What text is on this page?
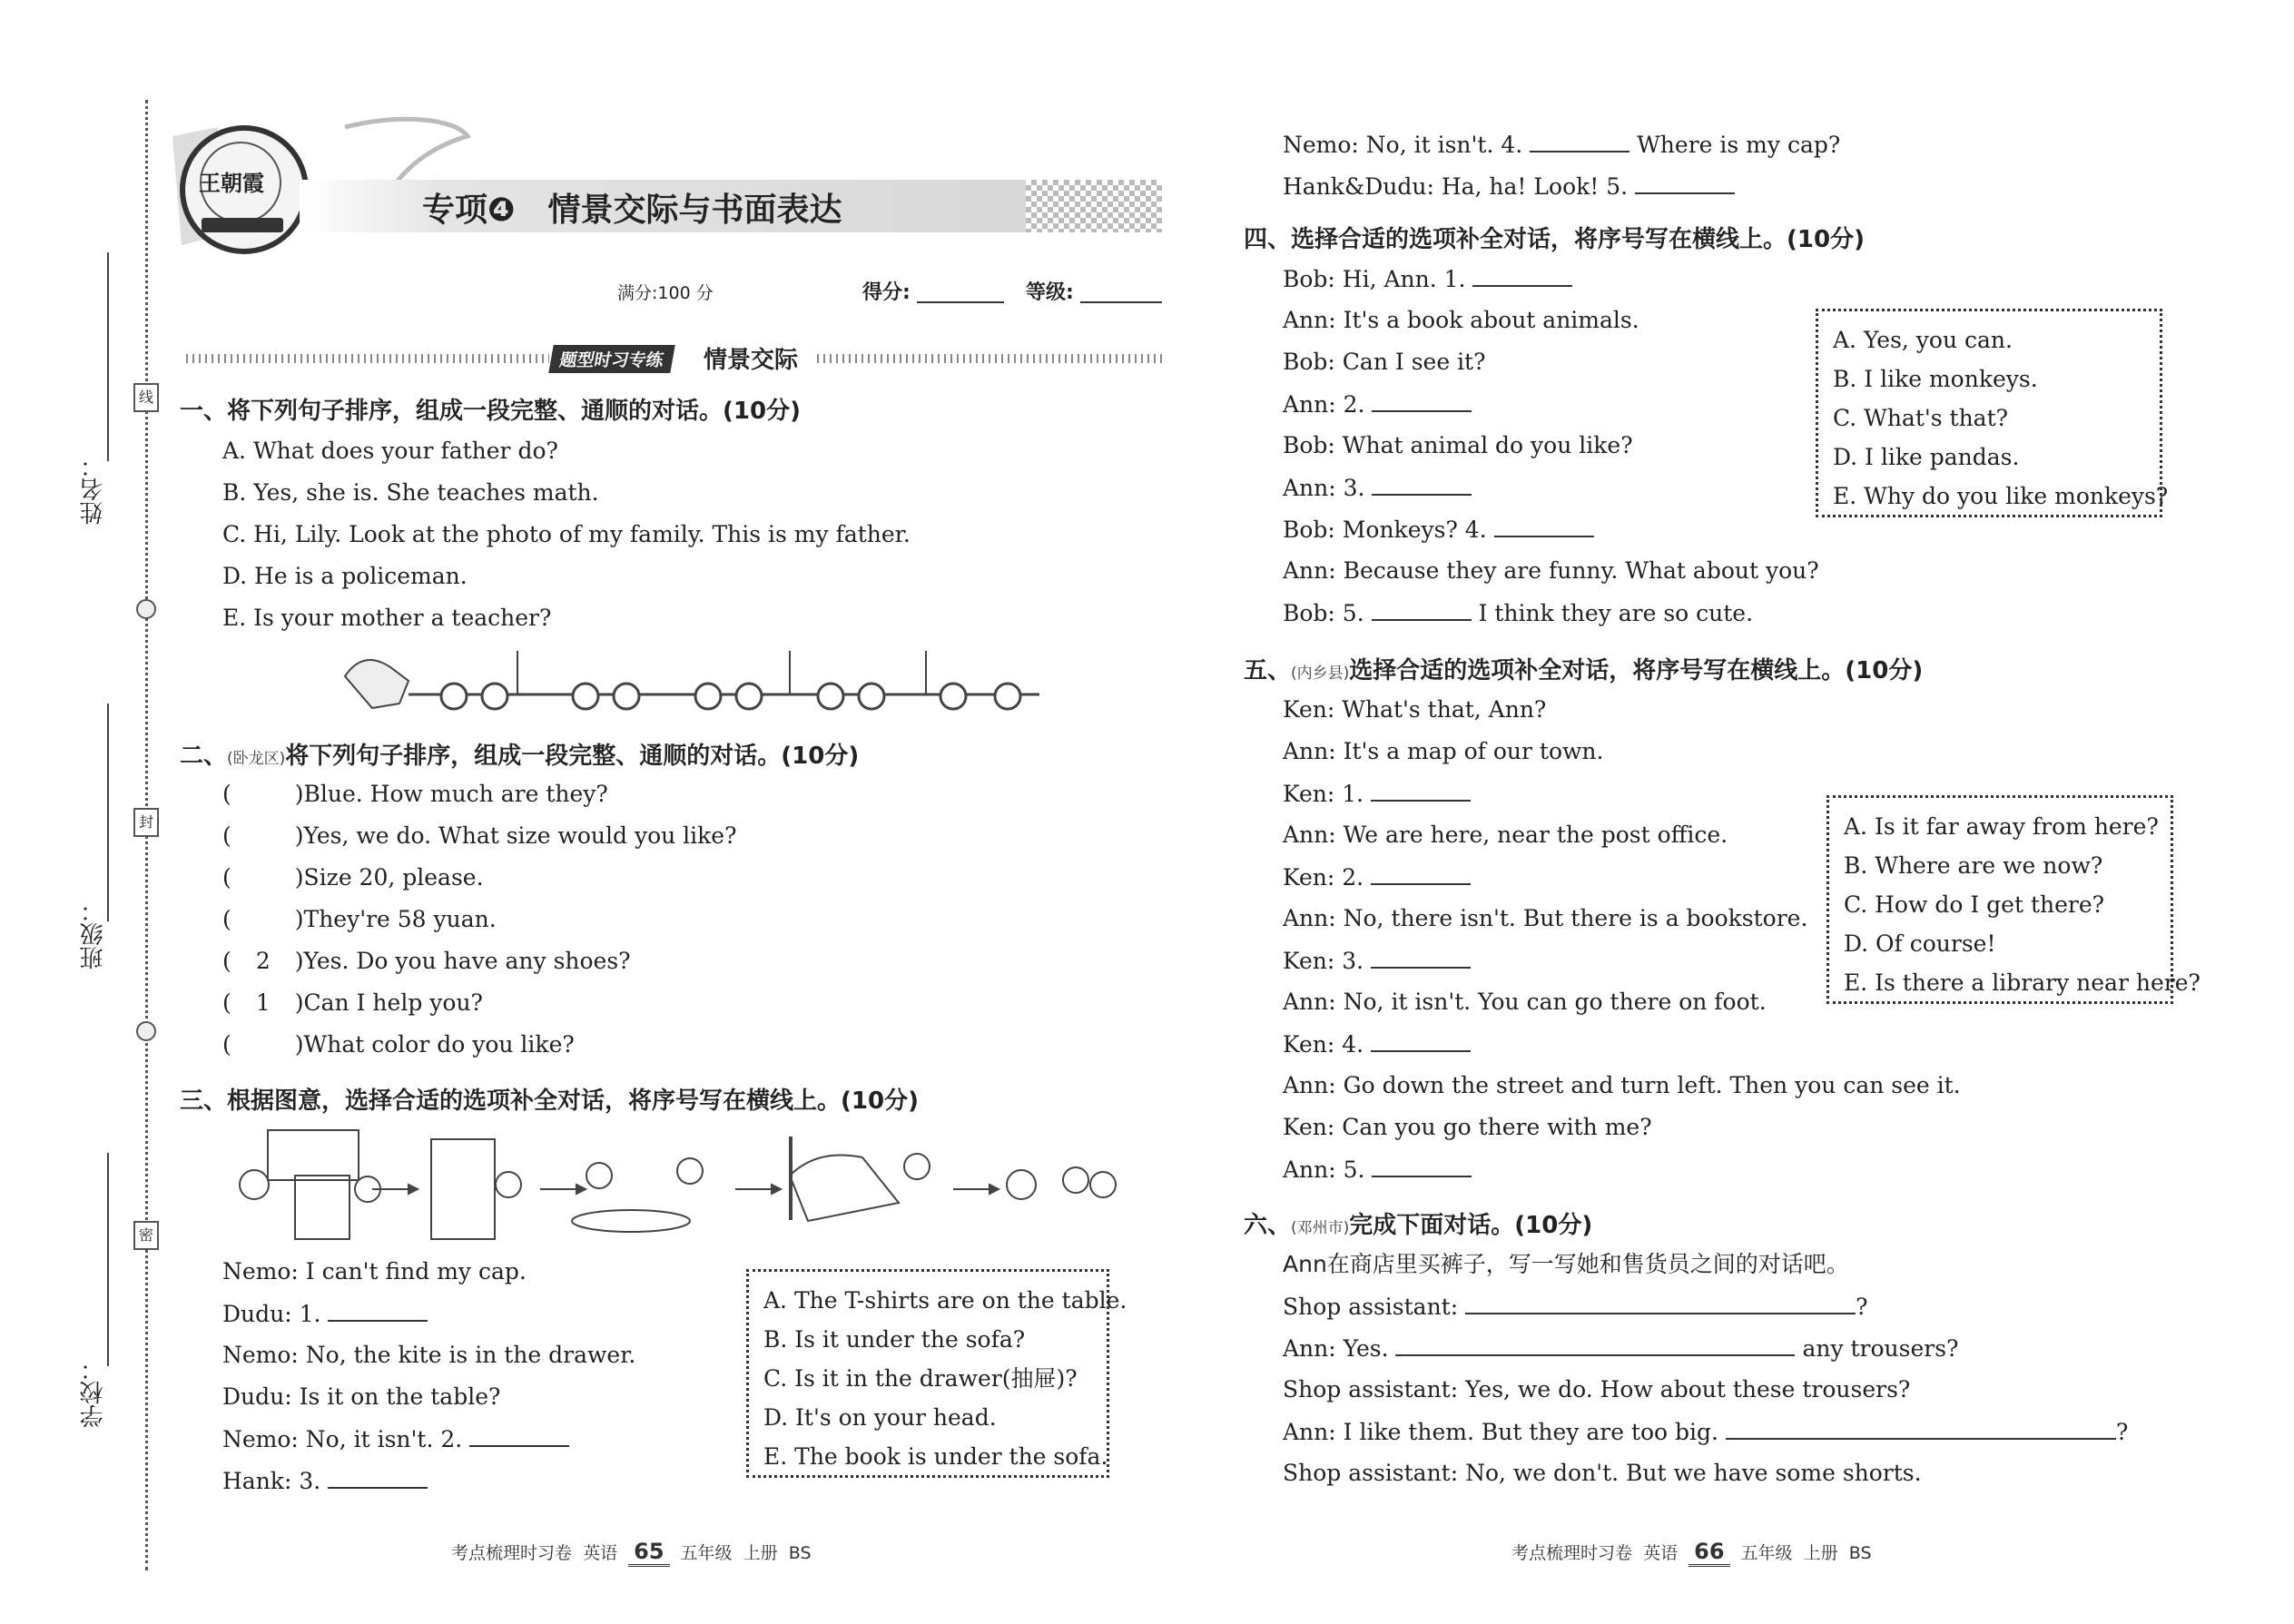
姓名：
班级：
学校：
线
封
密
王朝霞
专项❹　情景交际与书面表达
满分:100 分	得分:	等级:
题型时习专练	情景交际
一、将下列句子排序，组成一段完整、通顺的对话。(10分)
A. What does your father do?
B. Yes, she is. She teaches math.
C. Hi, Lily. Look at the photo of my family. This is my father.
D. He is a policeman.
E. Is your mother a teacher?
二、(卧龙区)将下列句子排序，组成一段完整、通顺的对话。(10分)
(	)Blue. How much are they?
(	)Yes, we do. What size would you like?
(	)Size 20, please.
(	)They're 58 yuan.
( 2 )Yes. Do you have any shoes?
( 1 )Can I help you?
(	)What color do you like?
三、根据图意，选择合适的选项补全对话，将序号写在横线上。(10分)
Nemo: I can't find my cap.
Dudu: 1.
Nemo: No, the kite is in the drawer.
Dudu: Is it on the table?
Nemo: No, it isn't. 2.
Hank: 3.
A. The T-shirts are on the table.
B. Is it under the sofa?
C. Is it in the drawer(抽屉)?
D. It's on your head.
E. The book is under the sofa.
考点梳理时习卷 英语 65 五年级 上册 BS	考点梳理时习卷 英语 66 五年级 上册 BS
Nemo: No, it isn't. 4.	Where is my cap?
Hank&Dudu: Ha, ha! Look! 5.
四、选择合适的选项补全对话，将序号写在横线上。(10分)
Bob: Hi, Ann. 1.
Ann: It's a book about animals.
Bob: Can I see it?
Ann: 2.
Bob: What animal do you like?
Ann: 3.
Bob: Monkeys? 4.
Ann: Because they are funny. What about you?
Bob: 5.	I think they are so cute.
A. Yes, you can.
B. I like monkeys.
C. What's that?
D. I like pandas.
E. Why do you like monkeys?
五、(内乡县)选择合适的选项补全对话，将序号写在横线上。(10分)
Ken: What's that, Ann?
Ann: It's a map of our town.
Ken: 1.
Ann: We are here, near the post office.
Ken: 2.
Ann: No, there isn't. But there is a bookstore.
Ken: 3.
Ann: No, it isn't. You can go there on foot.
Ken: 4.
Ann: Go down the street and turn left. Then you can see it.
Ken: Can you go there with me?
Ann: 5.
A. Is it far away from here?
B. Where are we now?
C. How do I get there?
D. Of course!
E. Is there a library near here?
六、(邓州市)完成下面对话。(10分)
Ann在商店里买裤子，写一写她和售货员之间的对话吧。
Shop assistant:	?
Ann: Yes.	any trousers?
Shop assistant: Yes, we do. How about these trousers?
Ann: I like them. But they are too big.	?
Shop assistant: No, we don't. But we have some shorts.
